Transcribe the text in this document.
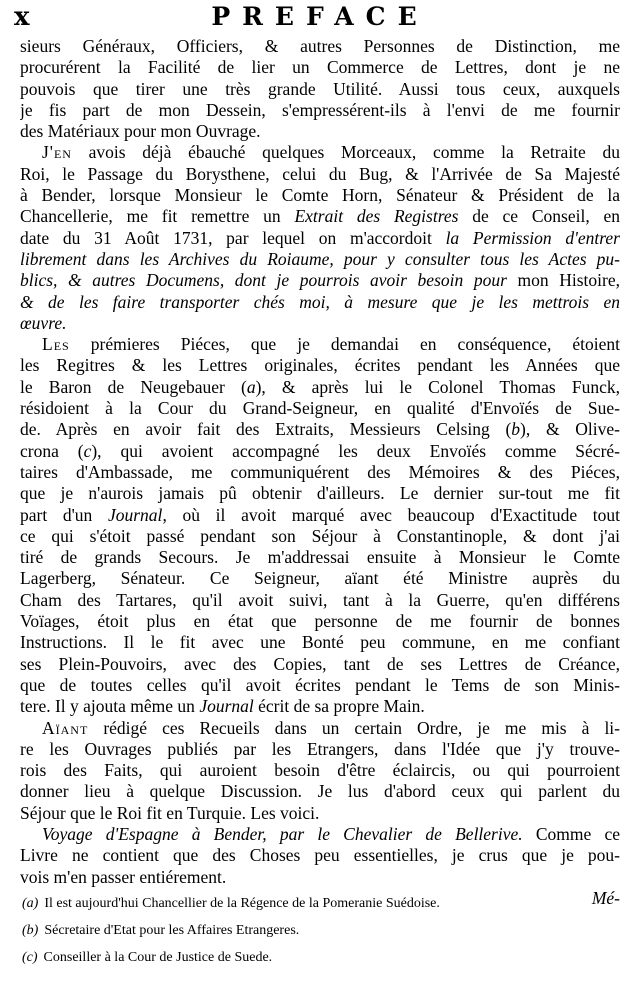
x	PREFACE
sieurs Généraux, Officiers, & autres Personnes de Distinction, me
procurérent la Facilité de lier un Commerce de Lettres, dont je ne
pouvois que tirer une très grande Utilité. Aussi tous ceux, auxquels
je fis part de mon Dessein, s'empressérent-ils à l'envi de me fournir
des Matériaux pour mon Ouvrage.
J'en avois déjà ébauché quelques Morceaux, comme la Retraite du
Roi, le Passage du Borysthene, celui du Bug, & l'Arrivée de Sa Majesté
à Bender, lorsque Monsieur le Comte Horn, Sénateur & Président de la
Chancellerie, me fit remettre un Extrait des Registres de ce Conseil, en
date du 31 Août 1731, par lequel on m'accordoit la Permission d'entrer
librement dans les Archives du Roiaume, pour y consulter tous les Actes pu-
blics, & autres Documens, dont je pourrois avoir besoin pour mon Histoire,
& de les faire transporter chés moi, à mesure que je les mettrois en
œuvre.
Les prémieres Piéces, que je demandai en conséquence, étoient
les Regitres & les Lettres originales, écrites pendant les Années que
le Baron de Neugebauer (a), & après lui le Colonel Thomas Funck,
résidoient à la Cour du Grand-Seigneur, en qualité d'Envoïés de Sue-
de. Après en avoir fait des Extraits, Messieurs Celsing (b), & Olive-
crona (c), qui avoient accompagné les deux Envoïés comme Sécré-
taires d'Ambassade, me communiquérent des Mémoires & des Piéces,
que je n'aurois jamais pû obtenir d'ailleurs. Le dernier sur-tout me fit
part d'un Journal, où il avoit marqué avec beaucoup d'Exactitude tout
ce qui s'étoit passé pendant son Séjour à Constantinople, & dont j'ai
tiré de grands Secours. Je m'addressai ensuite à Monsieur le Comte
Lagerberg, Sénateur. Ce Seigneur, aïant été Ministre auprès du
Cham des Tartares, qu'il avoit suivi, tant à la Guerre, qu'en différens
Voïages, étoit plus en état que personne de me fournir de bonnes
Instructions. Il le fit avec une Bonté peu commune, en me confiant
ses Plein-Pouvoirs, avec des Copies, tant de ses Lettres de Créance,
que de toutes celles qu'il avoit écrites pendant le Tems de son Minis-
tere. Il y ajouta même un Journal écrit de sa propre Main.
Aïant rédigé ces Recueils dans un certain Ordre, je me mis à li-
re les Ouvrages publiés par les Etrangers, dans l'Idée que j'y trouve-
rois des Faits, qui auroient besoin d'être éclaircis, ou qui pourroient
donner lieu à quelque Discussion. Je lus d'abord ceux qui parlent du
Séjour que le Roi fit en Turquie. Les voici.
Voyage d'Espagne à Bender, par le Chevalier de Bellerive. Comme ce
Livre ne contient que des Choses peu essentielles, je crus que je pou-
vois m'en passer entiérement.
Mé-
(a) Il est aujourd'hui Chancellier de la Régence de la Pomeranie Suédoise.
(b) Sécretaire d'Etat pour les Affaires Etrangeres.
(c) Conseiller à la Cour de Justice de Suede.
